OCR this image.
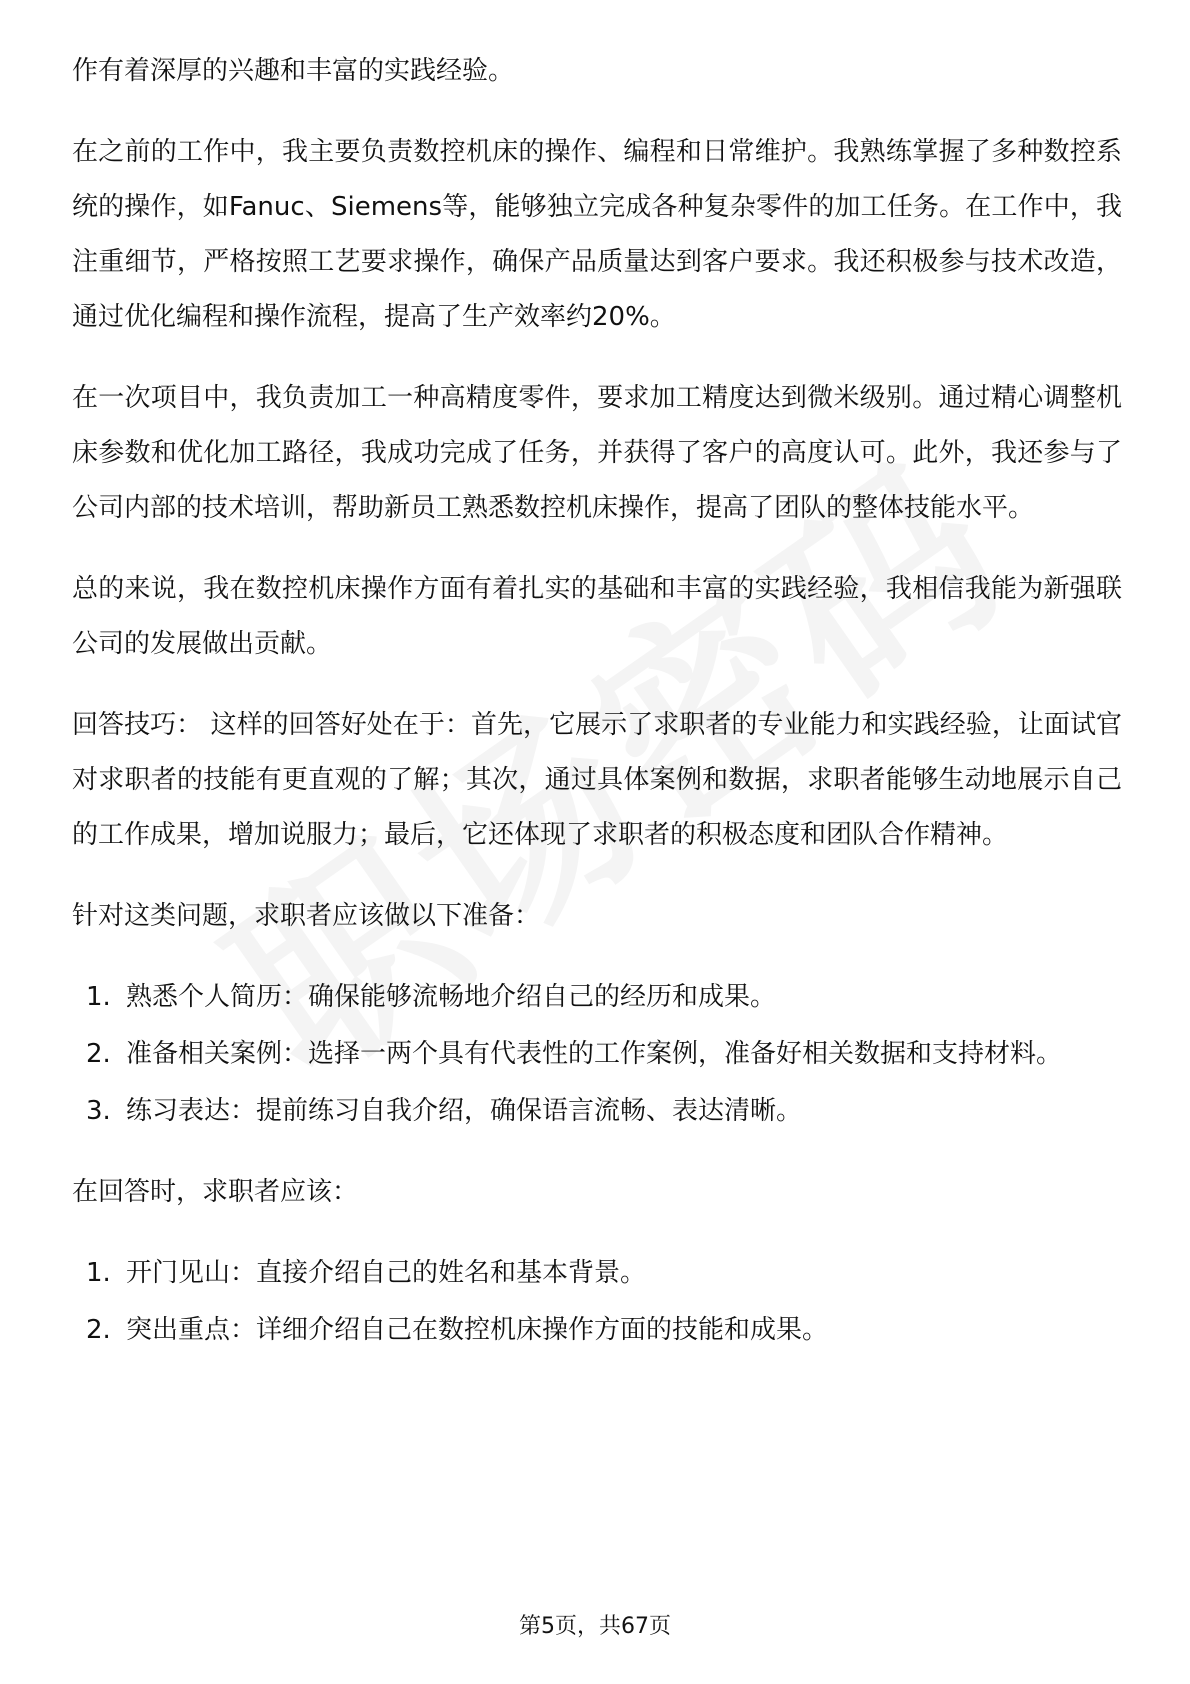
作有着深厚的兴趣和丰富的实践经验。

在之前的工作中，我主要负责数控机床的操作、编程和日常维护。我熟练掌握了多种数控系统的操作，如Fanuc、Siemens等，能够独立完成各种复杂零件的加工任务。在工作中，我注重细节，严格按照工艺要求操作，确保产品质量达到客户要求。我还积极参与技术改造，通过优化编程和操作流程，提高了生产效率约20%。

在一次项目中，我负责加工一种高精度零件，要求加工精度达到微米级别。通过精心调整机床参数和优化加工路径，我成功完成了任务，并获得了客户的高度认可。此外，我还参与了公司内部的技术培训，帮助新员工熟悉数控机床操作，提高了团队的整体技能水平。

总的来说，我在数控机床操作方面有着扎实的基础和丰富的实践经验，我相信我能为新强联公司的发展做出贡献。

回答技巧： 这样的回答好处在于：首先，它展示了求职者的专业能力和实践经验，让面试官对求职者的技能有更直观的了解；其次，通过具体案例和数据，求职者能够生动地展示自己的工作成果，增加说服力；最后，它还体现了求职者的积极态度和团队合作精神。

针对这类问题，求职者应该做以下准备：

1. 熟悉个人简历：确保能够流畅地介绍自己的经历和成果。
2. 准备相关案例：选择一两个具有代表性的工作案例，准备好相关数据和支持材料。
3. 练习表达：提前练习自我介绍，确保语言流畅、表达清晰。

在回答时，求职者应该：

1. 开门见山：直接介绍自己的姓名和基本背景。
2. 突出重点：详细介绍自己在数控机床操作方面的技能和成果。
第5页，共67页
